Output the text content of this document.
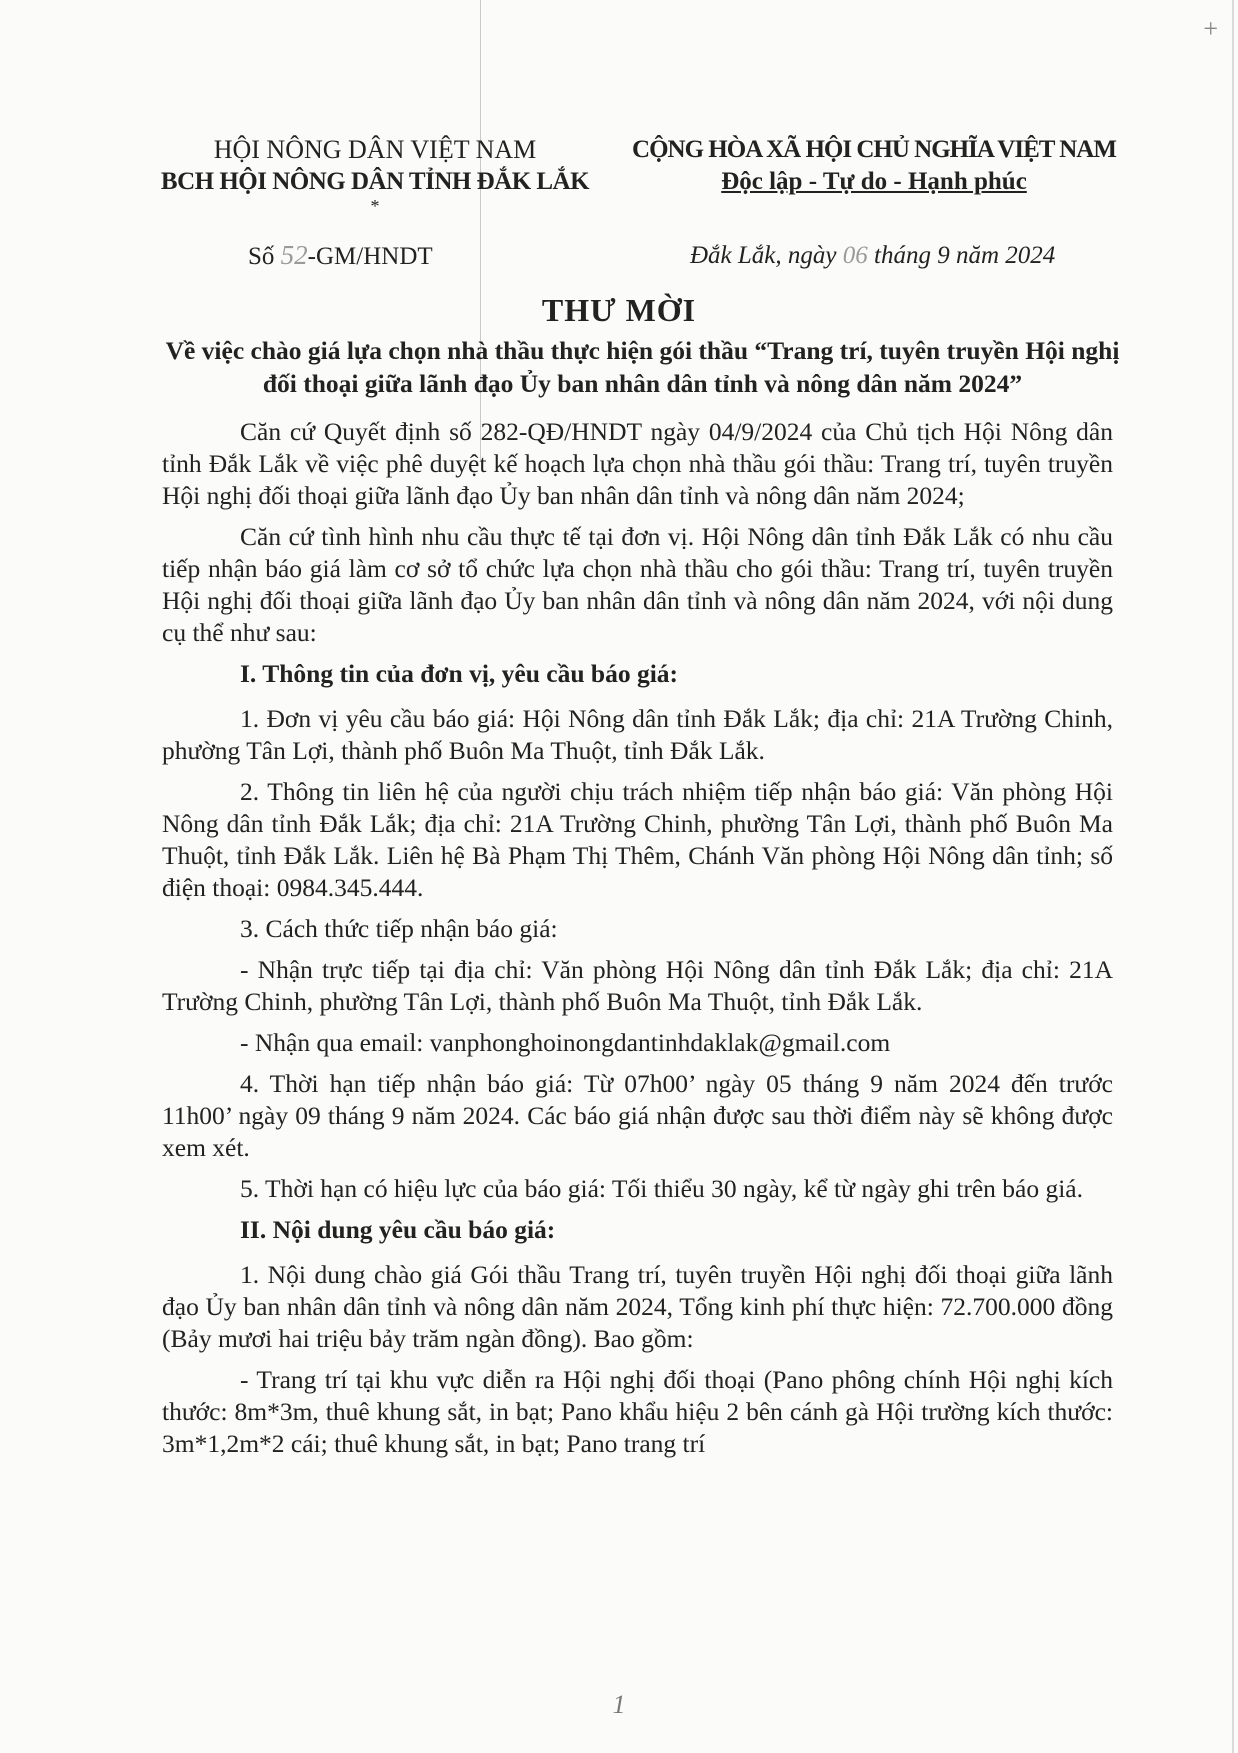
+
HỘI NÔNG DÂN VIỆT NAM
BCH HỘI NÔNG DÂN TỈNH ĐẮK LẮK
*
CỘNG HÒA XÃ HỘI CHỦ NGHĨA VIỆT NAM
Độc lập - Tự do - Hạnh phúc
Số 52-GM/HNDT	Đắk Lắk, ngày 06 tháng 9 năm 2024
THƯ MỜI
Về việc chào giá lựa chọn nhà thầu thực hiện gói thầu “Trang trí, tuyên truyền Hội nghị đối thoại giữa lãnh đạo Ủy ban nhân dân tỉnh và nông dân năm 2024”

Căn cứ Quyết định số 282-QĐ/HNDT ngày 04/9/2024 của Chủ tịch Hội Nông dân tỉnh Đắk Lắk về việc phê duyệt kế hoạch lựa chọn nhà thầu gói thầu: Trang trí, tuyên truyền Hội nghị đối thoại giữa lãnh đạo Ủy ban nhân dân tỉnh và nông dân năm 2024;

Căn cứ tình hình nhu cầu thực tế tại đơn vị. Hội Nông dân tỉnh Đắk Lắk có nhu cầu tiếp nhận báo giá làm cơ sở tổ chức lựa chọn nhà thầu cho gói thầu: Trang trí, tuyên truyền Hội nghị đối thoại giữa lãnh đạo Ủy ban nhân dân tỉnh và nông dân năm 2024, với nội dung cụ thể như sau:

I. Thông tin của đơn vị, yêu cầu báo giá:

1. Đơn vị yêu cầu báo giá: Hội Nông dân tỉnh Đắk Lắk; địa chỉ: 21A Trường Chinh, phường Tân Lợi, thành phố Buôn Ma Thuột, tỉnh Đắk Lắk.

2. Thông tin liên hệ của người chịu trách nhiệm tiếp nhận báo giá: Văn phòng Hội Nông dân tỉnh Đắk Lắk; địa chỉ: 21A Trường Chinh, phường Tân Lợi, thành phố Buôn Ma Thuột, tỉnh Đắk Lắk. Liên hệ Bà Phạm Thị Thêm, Chánh Văn phòng Hội Nông dân tỉnh; số điện thoại: 0984.345.444.

3. Cách thức tiếp nhận báo giá:

- Nhận trực tiếp tại địa chỉ: Văn phòng Hội Nông dân tỉnh Đắk Lắk; địa chỉ: 21A Trường Chinh, phường Tân Lợi, thành phố Buôn Ma Thuột, tỉnh Đắk Lắk.

- Nhận qua email: vanphonghoinongdantinhdaklak@gmail.com

4. Thời hạn tiếp nhận báo giá: Từ 07h00’ ngày 05 tháng 9 năm 2024 đến trước 11h00’ ngày 09 tháng 9 năm 2024. Các báo giá nhận được sau thời điểm này sẽ không được xem xét.

5. Thời hạn có hiệu lực của báo giá: Tối thiểu 30 ngày, kể từ ngày ghi trên báo giá.

II. Nội dung yêu cầu báo giá:

1. Nội dung chào giá Gói thầu Trang trí, tuyên truyền Hội nghị đối thoại giữa lãnh đạo Ủy ban nhân dân tỉnh và nông dân năm 2024, Tổng kinh phí thực hiện: 72.700.000 đồng (Bảy mươi hai triệu bảy trăm ngàn đồng). Bao gồm:

- Trang trí tại khu vực diễn ra Hội nghị đối thoại (Pano phông chính Hội nghị kích thước: 8m*3m, thuê khung sắt, in bạt; Pano khẩu hiệu 2 bên cánh gà Hội trường kích thước: 3m*1,2m*2 cái; thuê khung sắt, in bạt; Pano trang trí

1
